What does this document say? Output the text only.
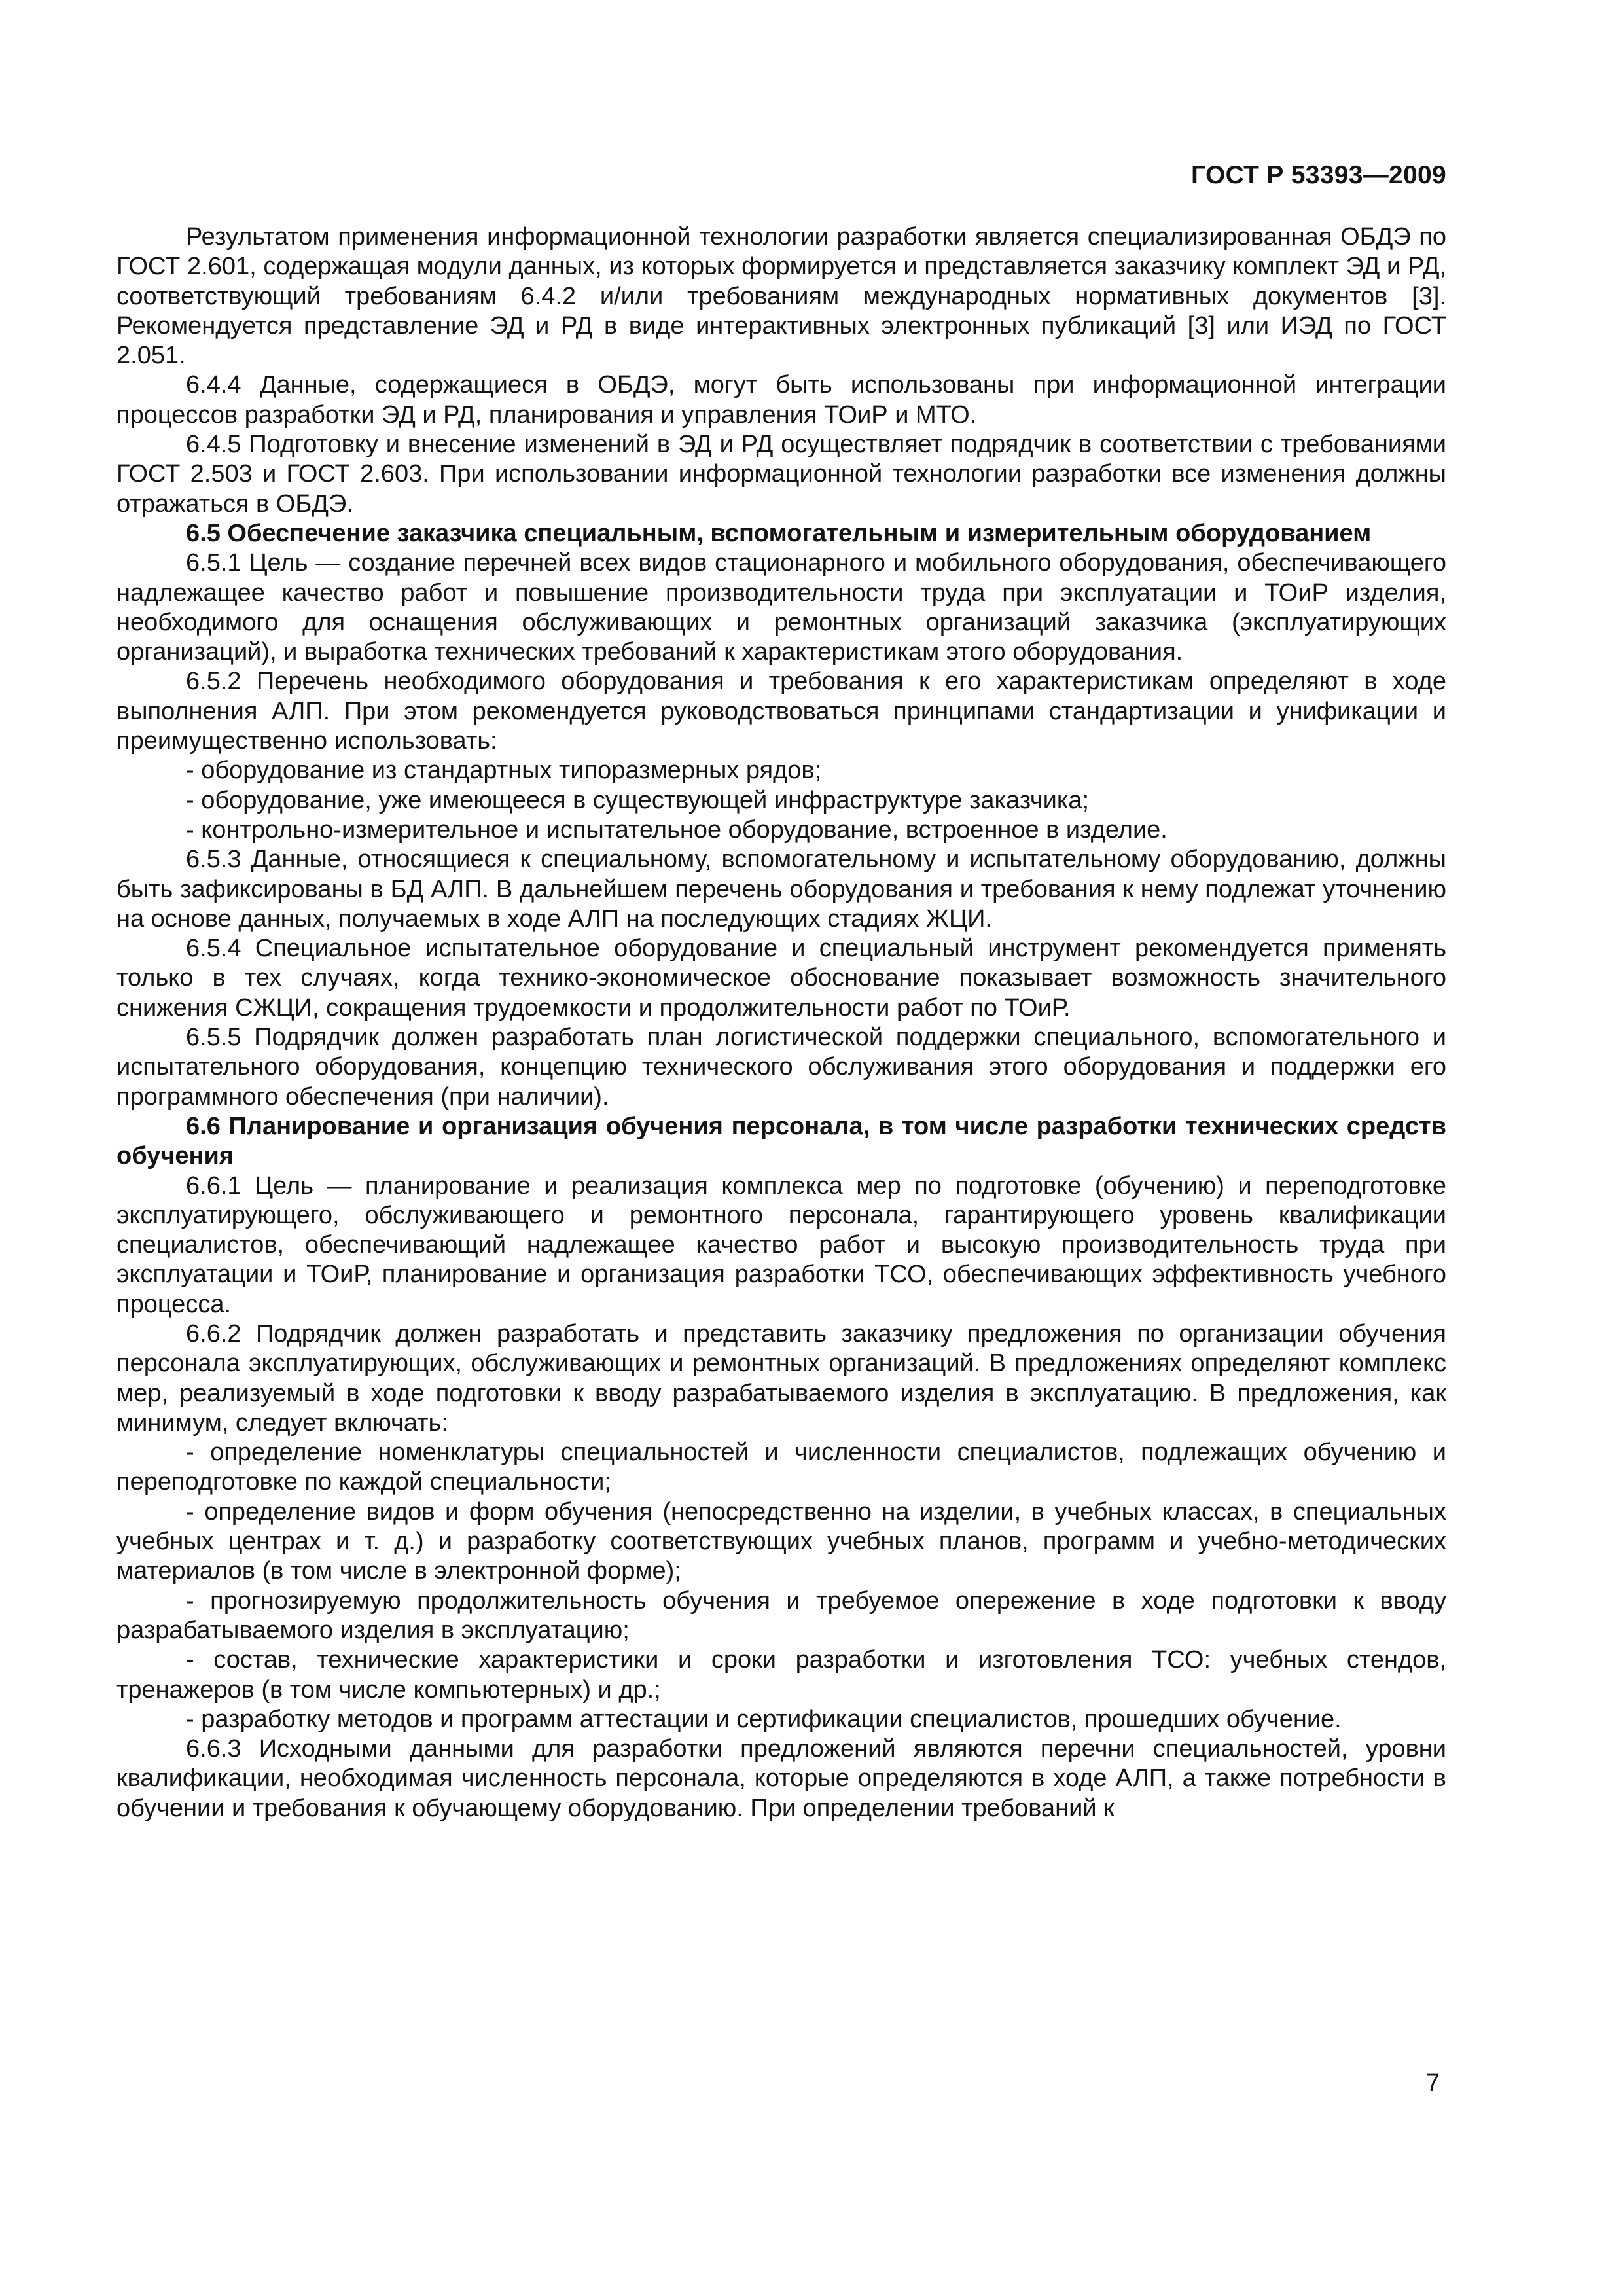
ГОСТ Р 53393—2009

Результатом применения информационной технологии разработки является специализированная ОБДЭ по ГОСТ 2.601, содержащая модули данных, из которых формируется и представляется заказчику комплект ЭД и РД, соответствующий требованиям 6.4.2 и/или требованиям международных нормативных документов [3]. Рекомендуется представление ЭД и РД в виде интерактивных электронных публикаций [3] или ИЭД по ГОСТ 2.051.

6.4.4 Данные, содержащиеся в ОБДЭ, могут быть использованы при информационной интеграции процессов разработки ЭД и РД, планирования и управления ТОиР и МТО.

6.4.5 Подготовку и внесение изменений в ЭД и РД осуществляет подрядчик в соответствии с требованиями ГОСТ 2.503 и ГОСТ 2.603. При использовании информационной технологии разработки все изменения должны отражаться в ОБДЭ.

6.5 Обеспечение заказчика специальным, вспомогательным и измерительным оборудованием

6.5.1 Цель — создание перечней всех видов стационарного и мобильного оборудования, обеспечивающего надлежащее качество работ и повышение производительности труда при эксплуатации и ТОиР изделия, необходимого для оснащения обслуживающих и ремонтных организаций заказчика (эксплуатирующих организаций), и выработка технических требований к характеристикам этого оборудования.

6.5.2 Перечень необходимого оборудования и требования к его характеристикам определяют в ходе выполнения АЛП. При этом рекомендуется руководствоваться принципами стандартизации и унификации и преимущественно использовать:

- оборудование из стандартных типоразмерных рядов;

- оборудование, уже имеющееся в существующей инфраструктуре заказчика;

- контрольно-измерительное и испытательное оборудование, встроенное в изделие.

6.5.3 Данные, относящиеся к специальному, вспомогательному и испытательному оборудованию, должны быть зафиксированы в БД АЛП. В дальнейшем перечень оборудования и требования к нему подлежат уточнению на основе данных, получаемых в ходе АЛП на последующих стадиях ЖЦИ.

6.5.4 Специальное испытательное оборудование и специальный инструмент рекомендуется применять только в тех случаях, когда технико-экономическое обоснование показывает возможность значительного снижения СЖЦИ, сокращения трудоемкости и продолжительности работ по ТОиР.

6.5.5 Подрядчик должен разработать план логистической поддержки специального, вспомогательного и испытательного оборудования, концепцию технического обслуживания этого оборудования и поддержки его программного обеспечения (при наличии).

6.6 Планирование и организация обучения персонала, в том числе разработки технических средств обучения

6.6.1 Цель — планирование и реализация комплекса мер по подготовке (обучению) и переподготовке эксплуатирующего, обслуживающего и ремонтного персонала, гарантирующего уровень квалификации специалистов, обеспечивающий надлежащее качество работ и высокую производительность труда при эксплуатации и ТОиР, планирование и организация разработки ТСО, обеспечивающих эффективность учебного процесса.

6.6.2 Подрядчик должен разработать и представить заказчику предложения по организации обучения персонала эксплуатирующих, обслуживающих и ремонтных организаций. В предложениях определяют комплекс мер, реализуемый в ходе подготовки к вводу разрабатываемого изделия в эксплуатацию. В предложения, как минимум, следует включать:

- определение номенклатуры специальностей и численности специалистов, подлежащих обучению и переподготовке по каждой специальности;

- определение видов и форм обучения (непосредственно на изделии, в учебных классах, в специальных учебных центрах и т. д.) и разработку соответствующих учебных планов, программ и учебно-методических материалов (в том числе в электронной форме);

- прогнозируемую продолжительность обучения и требуемое опережение в ходе подготовки к вводу разрабатываемого изделия в эксплуатацию;

- состав, технические характеристики и сроки разработки и изготовления ТСО: учебных стендов, тренажеров (в том числе компьютерных) и др.;

- разработку методов и программ аттестации и сертификации специалистов, прошедших обучение.

6.6.3 Исходными данными для разработки предложений являются перечни специальностей, уровни квалификации, необходимая численность персонала, которые определяются в ходе АЛП, а также потребности в обучении и требования к обучающему оборудованию. При определении требований к

7
